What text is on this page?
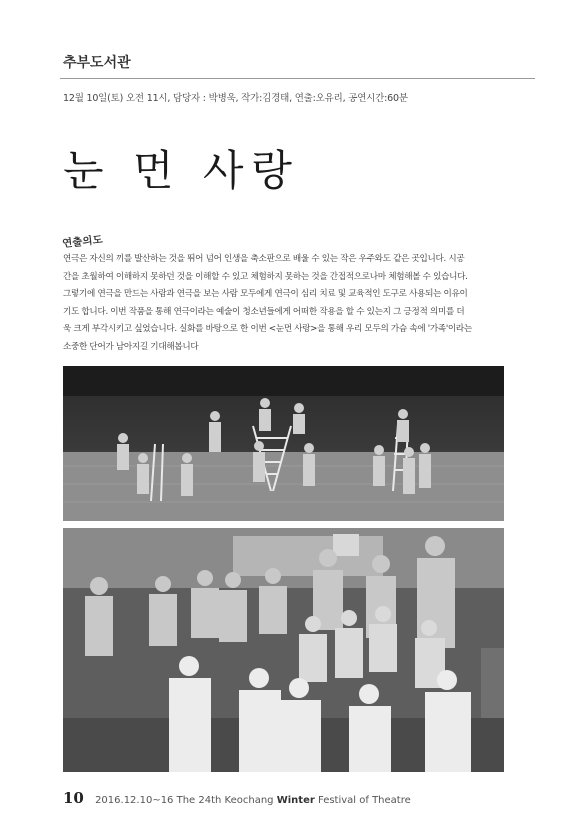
추부도서관
12월 10일(토) 오전 11시, 담당자 : 박병욱, 작가:김경태, 연출:오유리, 공연시간:60분
눈 먼 사랑
연출의도
연극은 자신의 끼를 발산하는 것을 뛰어 넘어 인생을 축소판으로 배울 수 있는 작은 우주와도 같은 곳입니다. 시공
간을 초월하여 이해하지 못하던 것을 이해할 수 있고 체험하지 못하는 것을 간접적으로나마 체험해볼 수 있습니다.
그렇기에 연극을 만드는 사람과 연극을 보는 사람 모두에게 연극이 심리 치료 및 교육적인 도구로 사용되는 이유이
기도 합니다. 이번 작품을 통해 연극이라는 예술이 청소년들에게 어떠한 작용을 할 수 있는지 그 긍정적 의미를 더
욱 크게 부각시키고 싶었습니다. 실화를 바탕으로 한 이번 <눈먼 사랑>을 통해 우리 모두의 가슴 속에 '가족'이라는
소중한 단어가 남아지길 기대해봅니다
10 2016.12.10~16 The 24th Keochang Winter Festival of Theatre
